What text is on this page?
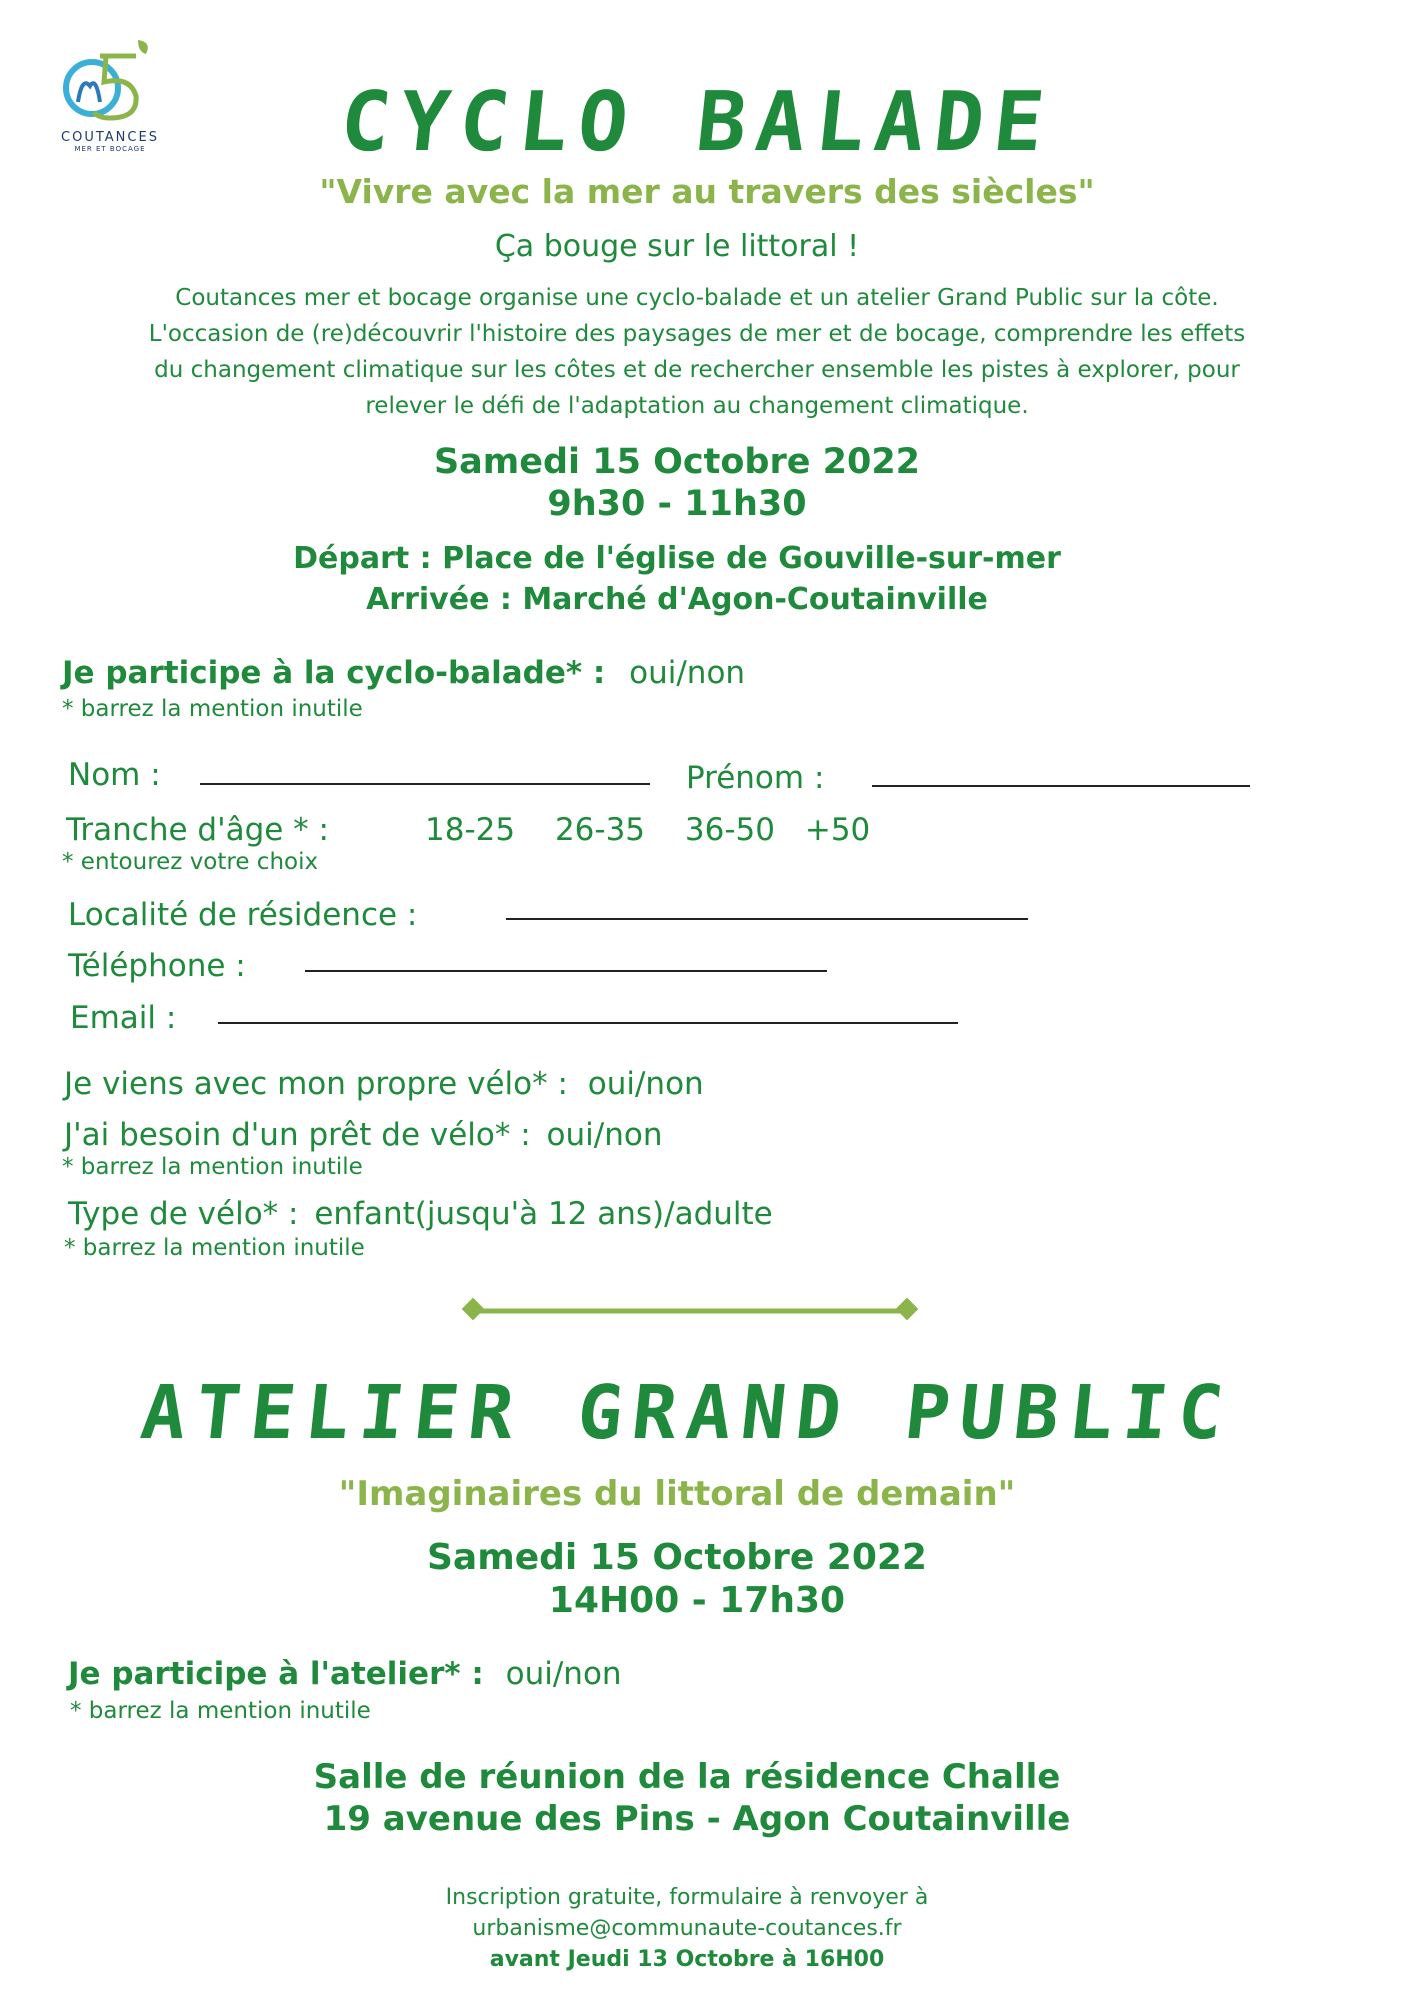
COUTANCES
MER ET BOCAGE	CYCLO BALADE
"Vivre avec la mer au travers des siècles"
Ça bouge sur le littoral !
Coutances mer et bocage organise une cyclo-balade et un atelier Grand Public sur la côte.
L'occasion de (re)découvrir l'histoire des paysages de mer et de bocage, comprendre les effets
du changement climatique sur les côtes et de rechercher ensemble les pistes à explorer, pour
relever le défi de l'adaptation au changement climatique.
Samedi 15 Octobre 2022
9h30 - 11h30
Départ : Place de l'église de Gouville-sur-mer
Arrivée : Marché d'Agon-Coutainville
Je participe à la cyclo-balade* : oui/non
* barrez la mention inutile
Nom :	Prénom :
Tranche d'âge * :	18-25 26-35 36-50 +50
* entourez votre choix
Localité de résidence :
Téléphone :
Email :
Je viens avec mon propre vélo* : oui/non
J'ai besoin d'un prêt de vélo* : oui/non
* barrez la mention inutile
Type de vélo* : enfant(jusqu'à 12 ans)/adulte
* barrez la mention inutile
ATELIER GRAND PUBLIC
"Imaginaires du littoral de demain"
Samedi 15 Octobre 2022
14H00 - 17h30
Je participe à l'atelier* : oui/non
* barrez la mention inutile
Salle de réunion de la résidence Challe
19 avenue des Pins - Agon Coutainville
Inscription gratuite, formulaire à renvoyer à
urbanisme@communaute-coutances.fr
avant Jeudi 13 Octobre à 16H00
